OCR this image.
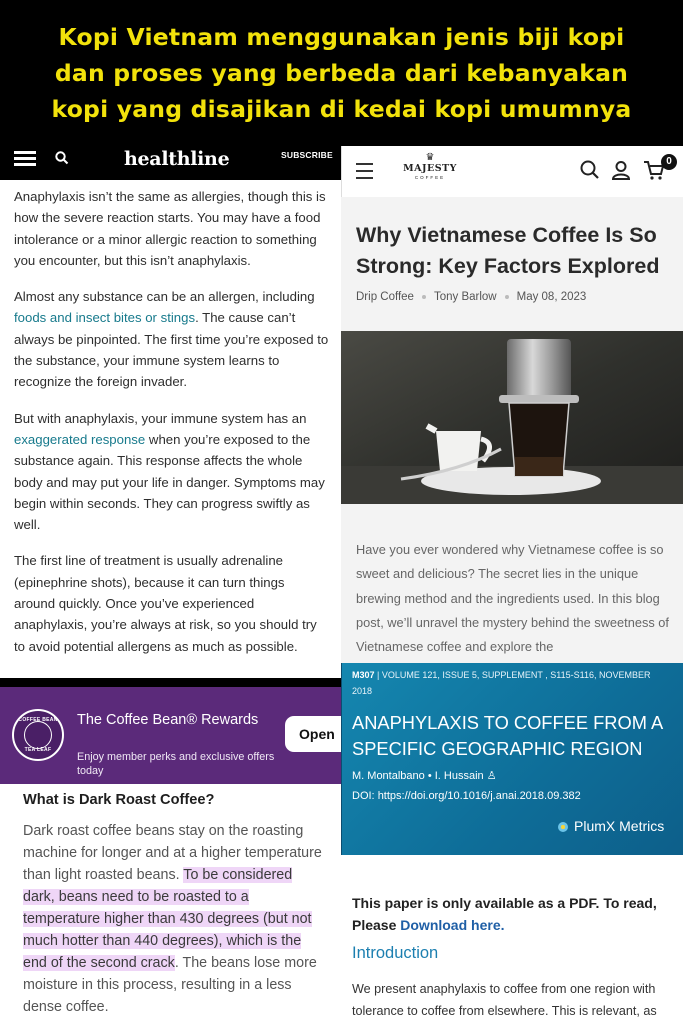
Kopi Vietnam menggunakan jenis biji kopi
dan proses yang berbeda dari kebanyakan
kopi yang disajikan di kedai kopi umumnya
healthline	SUBSCRIBE

Anaphylaxis isn’t the same as allergies, though this is how the severe reaction starts. You may have a food intolerance or a minor allergic reaction to something you encounter, but this isn’t anaphylaxis.

Almost any substance can be an allergen, including foods and insect bites or stings. The cause can’t always be pinpointed. The first time you’re exposed to the substance, your immune system learns to recognize the foreign invader.

But with anaphylaxis, your immune system has an exaggerated response when you’re exposed to the substance again. This response affects the whole body and may put your life in danger. Symptoms may begin within seconds. They can progress swiftly as well.

The first line of treatment is usually adrenaline (epinephrine shots), because it can turn things around quickly. Once you’ve experienced anaphylaxis, you’re always at risk, so you should try to avoid potential allergens as much as possible.

COFFEE BEAN
TEA LEAF
The Coffee Bean® Rewards
Enjoy member perks and exclusive offers today
Open
What is Dark Roast Coffee?

Dark roast coffee beans stay on the roasting machine for longer and at a higher temperature than light roasted beans. To be considered dark, beans need to be roasted to a temperature higher than 430 degrees (but not much hotter than 440 degrees), which is the end of the second crack. The beans lose more moisture in this process, resulting in a less dense coffee.

♛
MAJESTY
COFFEE
0
Why Vietnamese Coffee Is So Strong: Key Factors Explored
Drip Coffee Tony Barlow May 08, 2023
Have you ever wondered why Vietnamese coffee is so sweet and delicious? The secret lies in the unique brewing method and the ingredients used. In this blog post, we’ll unravel the mystery behind the sweetness of Vietnamese coffee and explore the
M307 | VOLUME 121, ISSUE 5, SUPPLEMENT , S115-S116, NOVEMBER 2018
ANAPHYLAXIS TO COFFEE FROM A SPECIFIC GEOGRAPHIC REGION
M. Montalbano • I. Hussain ♙
DOI: https://doi.org/10.1016/j.anai.2018.09.382
PlumX Metrics
This paper is only available as a PDF. To read, Please Download here.
Introduction
We present anaphylaxis to coffee from one region with tolerance to coffee from elsewhere. This is relevant, as
